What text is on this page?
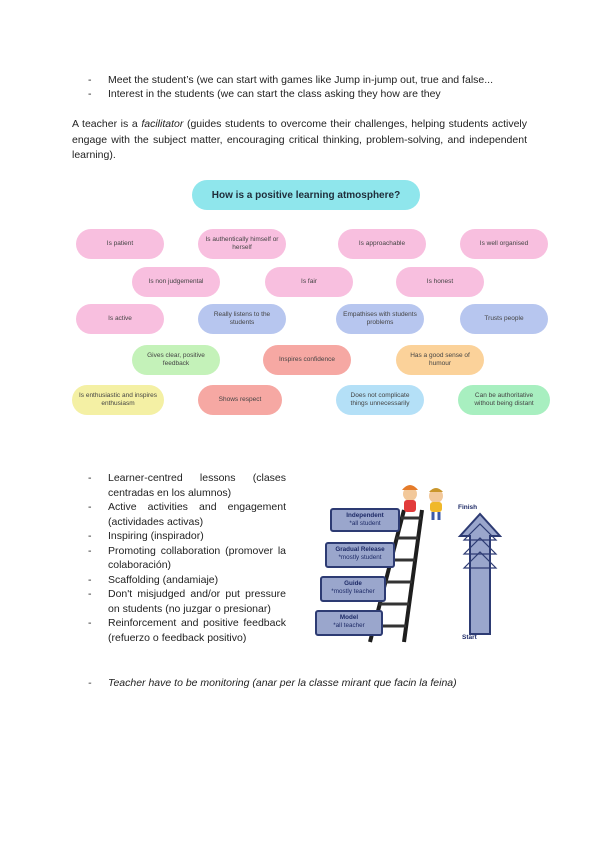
- Meet the student’s (we can start with games like Jump in-jump out, true and false...
- Interest in the students (we can start the class asking they how are they

A teacher is a facilitator (guides students to overcome their challenges, helping students actively engage with the subject matter, encouraging critical thinking, problem-solving, and independent learning).

How is a positive learning atmosphere?
Is patient
Is authentically himself or herself
Is approachable	Is well organised
Is non judgemental	Is fair	Is honest
Is active
Really listens to the students
Empathises with students problems
Trusts people
Gives clear, positive feedback
Inspires confidence
Has a good sense of humour
Is enthusiastic and inspires enthusiasm
Shows respect
Does not complicate things unnecessarily
Can be authoritative without being distant
- Learner-centred lessons (clases centradas en los alumnos)
- Active activities and engagement (actividades activas)
- Inspiring (inspirador)
- Promoting collaboration (promover la colaboración)
- Scaffolding (andamiaje)
- Don't misjudged and/or put pressure on students (no juzgar o presionar)
- Reinforcement and positive feedback (refuerzo o feedback positivo)
- Teacher have to be monitoring (anar per la classe mirant que facin la feina)
Independent
*all student
Gradual Release
*mostly student
Guide
*mostly teacher
Model
*all teacher
Finish
Start
